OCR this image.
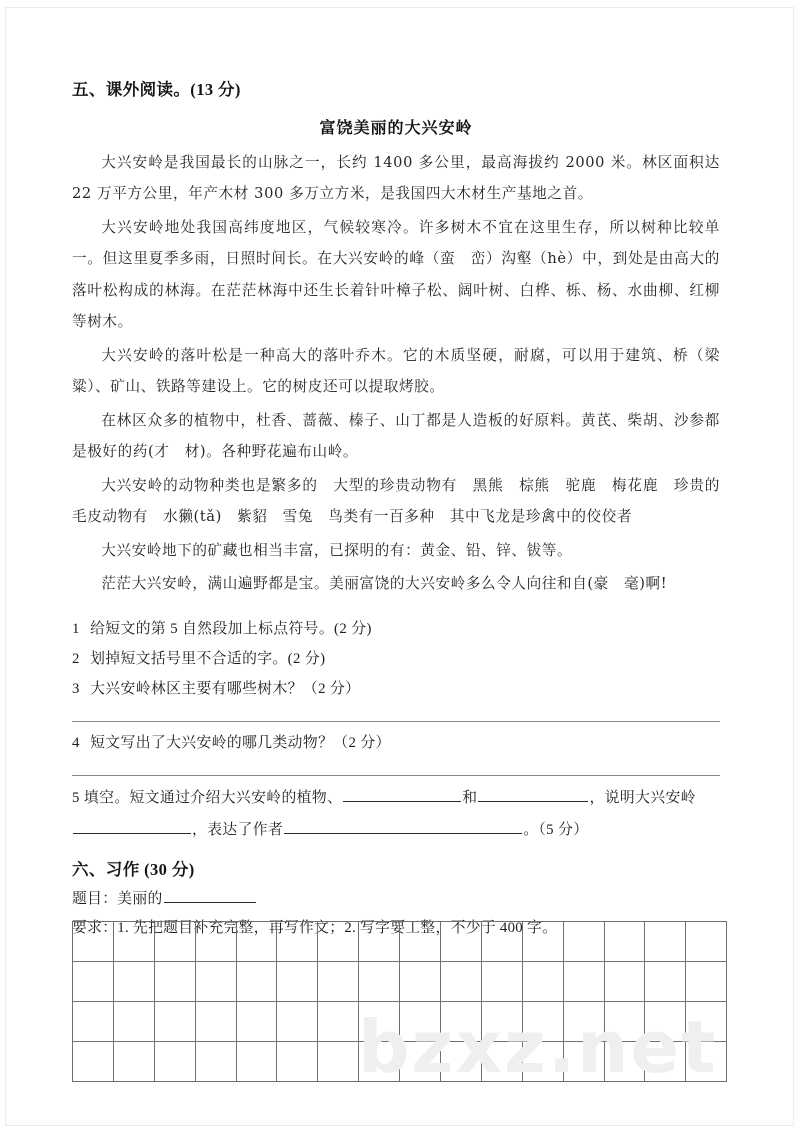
五、课外阅读。(13 分)
富饶美丽的大兴安岭

大兴安岭是我国最长的山脉之一，长约 1400 多公里，最高海拔约 2000 米。林区面积达 22 万平方公里，年产木材 300 多万立方米，是我国四大木材生产基地之首。

大兴安岭地处我国高纬度地区，气候较寒冷。许多树木不宜在这里生存，所以树种比较单一。但这里夏季多雨，日照时间长。在大兴安岭的峰（蛮　峦）沟壑（hè）中，到处是由高大的落叶松构成的林海。在茫茫林海中还生长着针叶樟子松、阔叶树、白桦、栎、杨、水曲柳、红柳等树木。

大兴安岭的落叶松是一种高大的落叶乔木。它的木质坚硬，耐腐，可以用于建筑、桥（梁　粱）、矿山、铁路等建设上。它的树皮还可以提取烤胶。

在林区众多的植物中，杜香、蔷薇、榛子、山丁都是人造板的好原料。黄芪、柴胡、沙参都是极好的药(才　材)。各种野花遍布山岭。

大兴安岭的动物种类也是繁多的　大型的珍贵动物有　黑熊　棕熊　驼鹿　梅花鹿　珍贵的毛皮动物有　水獭(tǎ)　紫貂　雪兔　鸟类有一百多种　其中飞龙是珍禽中的佼佼者

大兴安岭地下的矿藏也相当丰富，已探明的有：黄金、铅、锌、钹等。

茫茫大兴安岭，满山遍野都是宝。美丽富饶的大兴安岭多么令人向往和自(豪　毫)啊!

1 给短文的第 5 自然段加上标点符号。(2 分)
2 划掉短文括号里不合适的字。(2 分)
3 大兴安岭林区主要有哪些树木？（2 分）
4 短文写出了大兴安岭的哪几类动物？（2 分）
5 填空。短文通过介绍大兴安岭的植物、	和	，说明大兴安岭，表达了作者	。（5 分）
六、习作 (30 分)
题目：美丽的
要求：1. 先把题目补充完整，再写作文；2. 写字要工整，不少于 400 字。

bzxz.net
